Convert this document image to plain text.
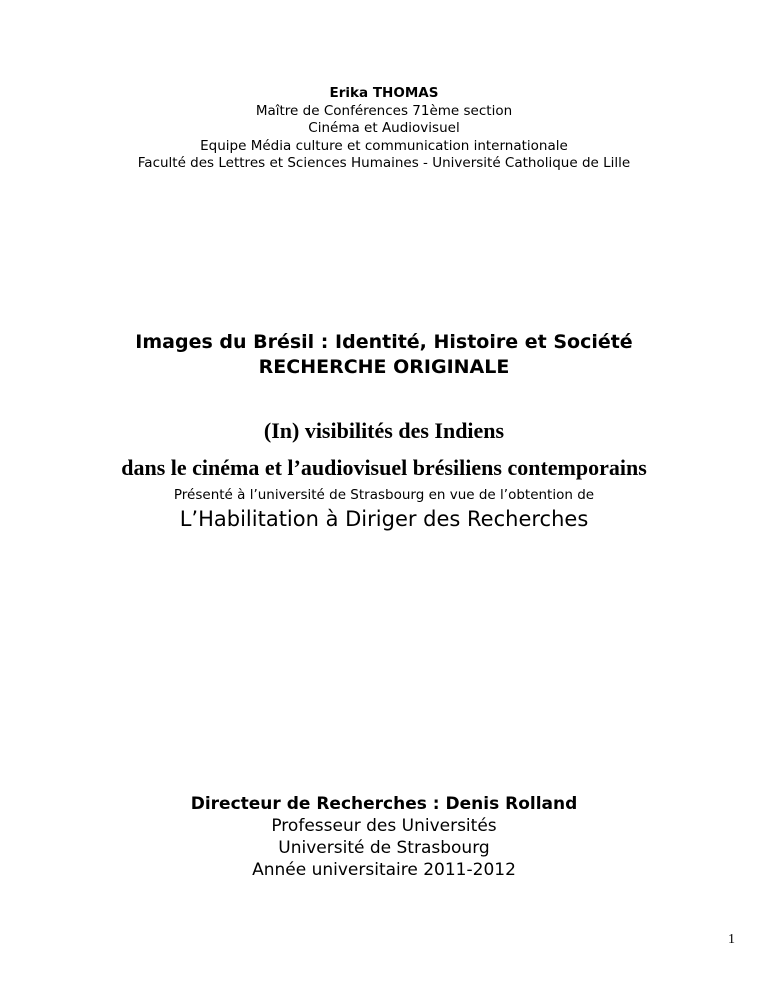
Erika THOMAS
Maître de Conférences 71ème section
Cinéma et Audiovisuel
Equipe Média culture et communication internationale
Faculté des Lettres et Sciences Humaines - Université Catholique de Lille
Images du Brésil : Identité, Histoire et Société
RECHERCHE ORIGINALE
(In) visibilités des Indiens
dans le cinéma et l’audiovisuel brésiliens contemporains
Présenté à l’université de Strasbourg en vue de l’obtention de
L’Habilitation à Diriger des Recherches
Directeur de Recherches : Denis Rolland
Professeur des Universités
Université de Strasbourg
Année universitaire 2011-2012
1
